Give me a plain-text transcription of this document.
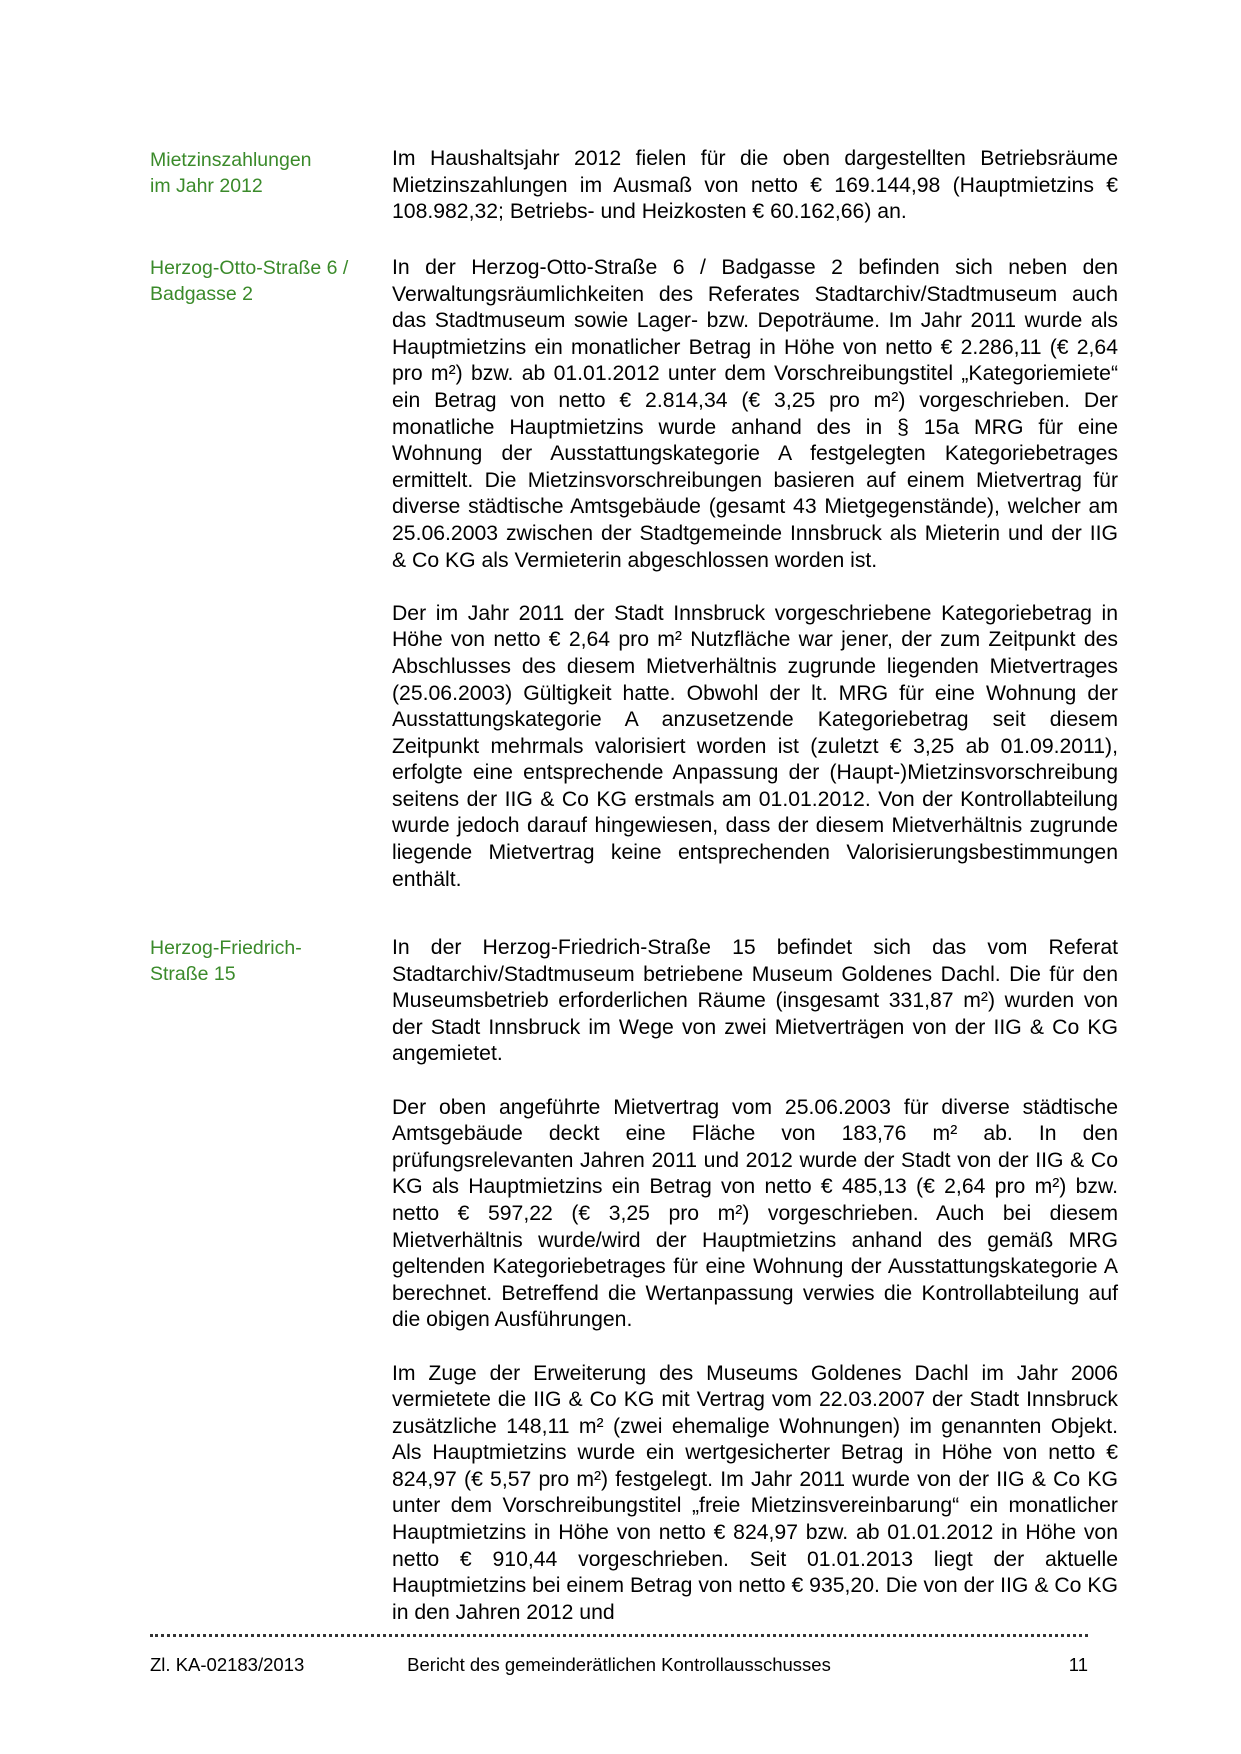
Mietzinszahlungen
im Jahr 2012

Im Haushaltsjahr 2012 fielen für die oben dargestellten Betriebsräume Mietzinszahlungen im Ausmaß von netto € 169.144,98 (Hauptmietzins € 108.982,32; Betriebs- und Heizkosten € 60.162,66) an.

Herzog-Otto-Straße 6 /
Badgasse 2

In der Herzog-Otto-Straße 6 / Badgasse 2 befinden sich neben den Verwaltungsräumlichkeiten des Referates Stadtarchiv/Stadtmuseum auch das Stadtmuseum sowie Lager- bzw. Depoträume. Im Jahr 2011 wurde als Hauptmietzins ein monatlicher Betrag in Höhe von netto € 2.286,11 (€ 2,64 pro m²) bzw. ab 01.01.2012 unter dem Vorschreibungstitel „Kategoriemiete“ ein Betrag von netto € 2.814,34 (€ 3,25 pro m²) vorgeschrieben. Der monatliche Hauptmietzins wurde anhand des in § 15a MRG für eine Wohnung der Ausstattungskategorie A festgelegten Kategoriebetrages ermittelt. Die Mietzinsvorschreibungen basieren auf einem Mietvertrag für diverse städtische Amtsgebäude (gesamt 43 Mietgegenstände), welcher am 25.06.2003 zwischen der Stadtgemeinde Innsbruck als Mieterin und der IIG & Co KG als Vermieterin abgeschlossen worden ist.

Der im Jahr 2011 der Stadt Innsbruck vorgeschriebene Kategoriebetrag in Höhe von netto € 2,64 pro m² Nutzfläche war jener, der zum Zeitpunkt des Abschlusses des diesem Mietverhältnis zugrunde liegenden Mietvertrages (25.06.2003) Gültigkeit hatte. Obwohl der lt. MRG für eine Wohnung der Ausstattungskategorie A anzusetzende Kategoriebetrag seit diesem Zeitpunkt mehrmals valorisiert worden ist (zuletzt € 3,25 ab 01.09.2011), erfolgte eine entsprechende Anpassung der (Haupt-)Mietzinsvorschreibung seitens der IIG & Co KG erstmals am 01.01.2012. Von der Kontrollabteilung wurde jedoch darauf hingewiesen, dass der diesem Mietverhältnis zugrunde liegende Mietvertrag keine entsprechenden Valorisierungsbestimmungen enthält.

Herzog-Friedrich-
Straße 15

In der Herzog-Friedrich-Straße 15 befindet sich das vom Referat Stadtarchiv/Stadtmuseum betriebene Museum Goldenes Dachl. Die für den Museumsbetrieb erforderlichen Räume (insgesamt 331,87 m²) wurden von der Stadt Innsbruck im Wege von zwei Mietverträgen von der IIG & Co KG angemietet.

Der oben angeführte Mietvertrag vom 25.06.2003 für diverse städtische Amtsgebäude deckt eine Fläche von 183,76 m² ab. In den prüfungsrelevanten Jahren 2011 und 2012 wurde der Stadt von der IIG & Co KG als Hauptmietzins ein Betrag von netto € 485,13 (€ 2,64 pro m²) bzw. netto € 597,22 (€ 3,25 pro m²) vorgeschrieben. Auch bei diesem Mietverhältnis wurde/wird der Hauptmietzins anhand des gemäß MRG geltenden Kategoriebetrages für eine Wohnung der Ausstattungskategorie A berechnet. Betreffend die Wertanpassung verwies die Kontrollabteilung auf die obigen Ausführungen.

Im Zuge der Erweiterung des Museums Goldenes Dachl im Jahr 2006 vermietete die IIG & Co KG mit Vertrag vom 22.03.2007 der Stadt Innsbruck zusätzliche 148,11 m² (zwei ehemalige Wohnungen) im genannten Objekt. Als Hauptmietzins wurde ein wertgesicherter Betrag in Höhe von netto € 824,97 (€ 5,57 pro m²) festgelegt. Im Jahr 2011 wurde von der IIG & Co KG unter dem Vorschreibungstitel „freie Mietzinsvereinbarung“ ein monatlicher Hauptmietzins in Höhe von netto € 824,97 bzw. ab 01.01.2012 in Höhe von netto € 910,44 vorgeschrieben. Seit 01.01.2013 liegt der aktuelle Hauptmietzins bei einem Betrag von netto € 935,20. Die von der IIG & Co KG in den Jahren 2012 und

Zl. KA-02183/2013	Bericht des gemeinderätlichen Kontrollausschusses	11
